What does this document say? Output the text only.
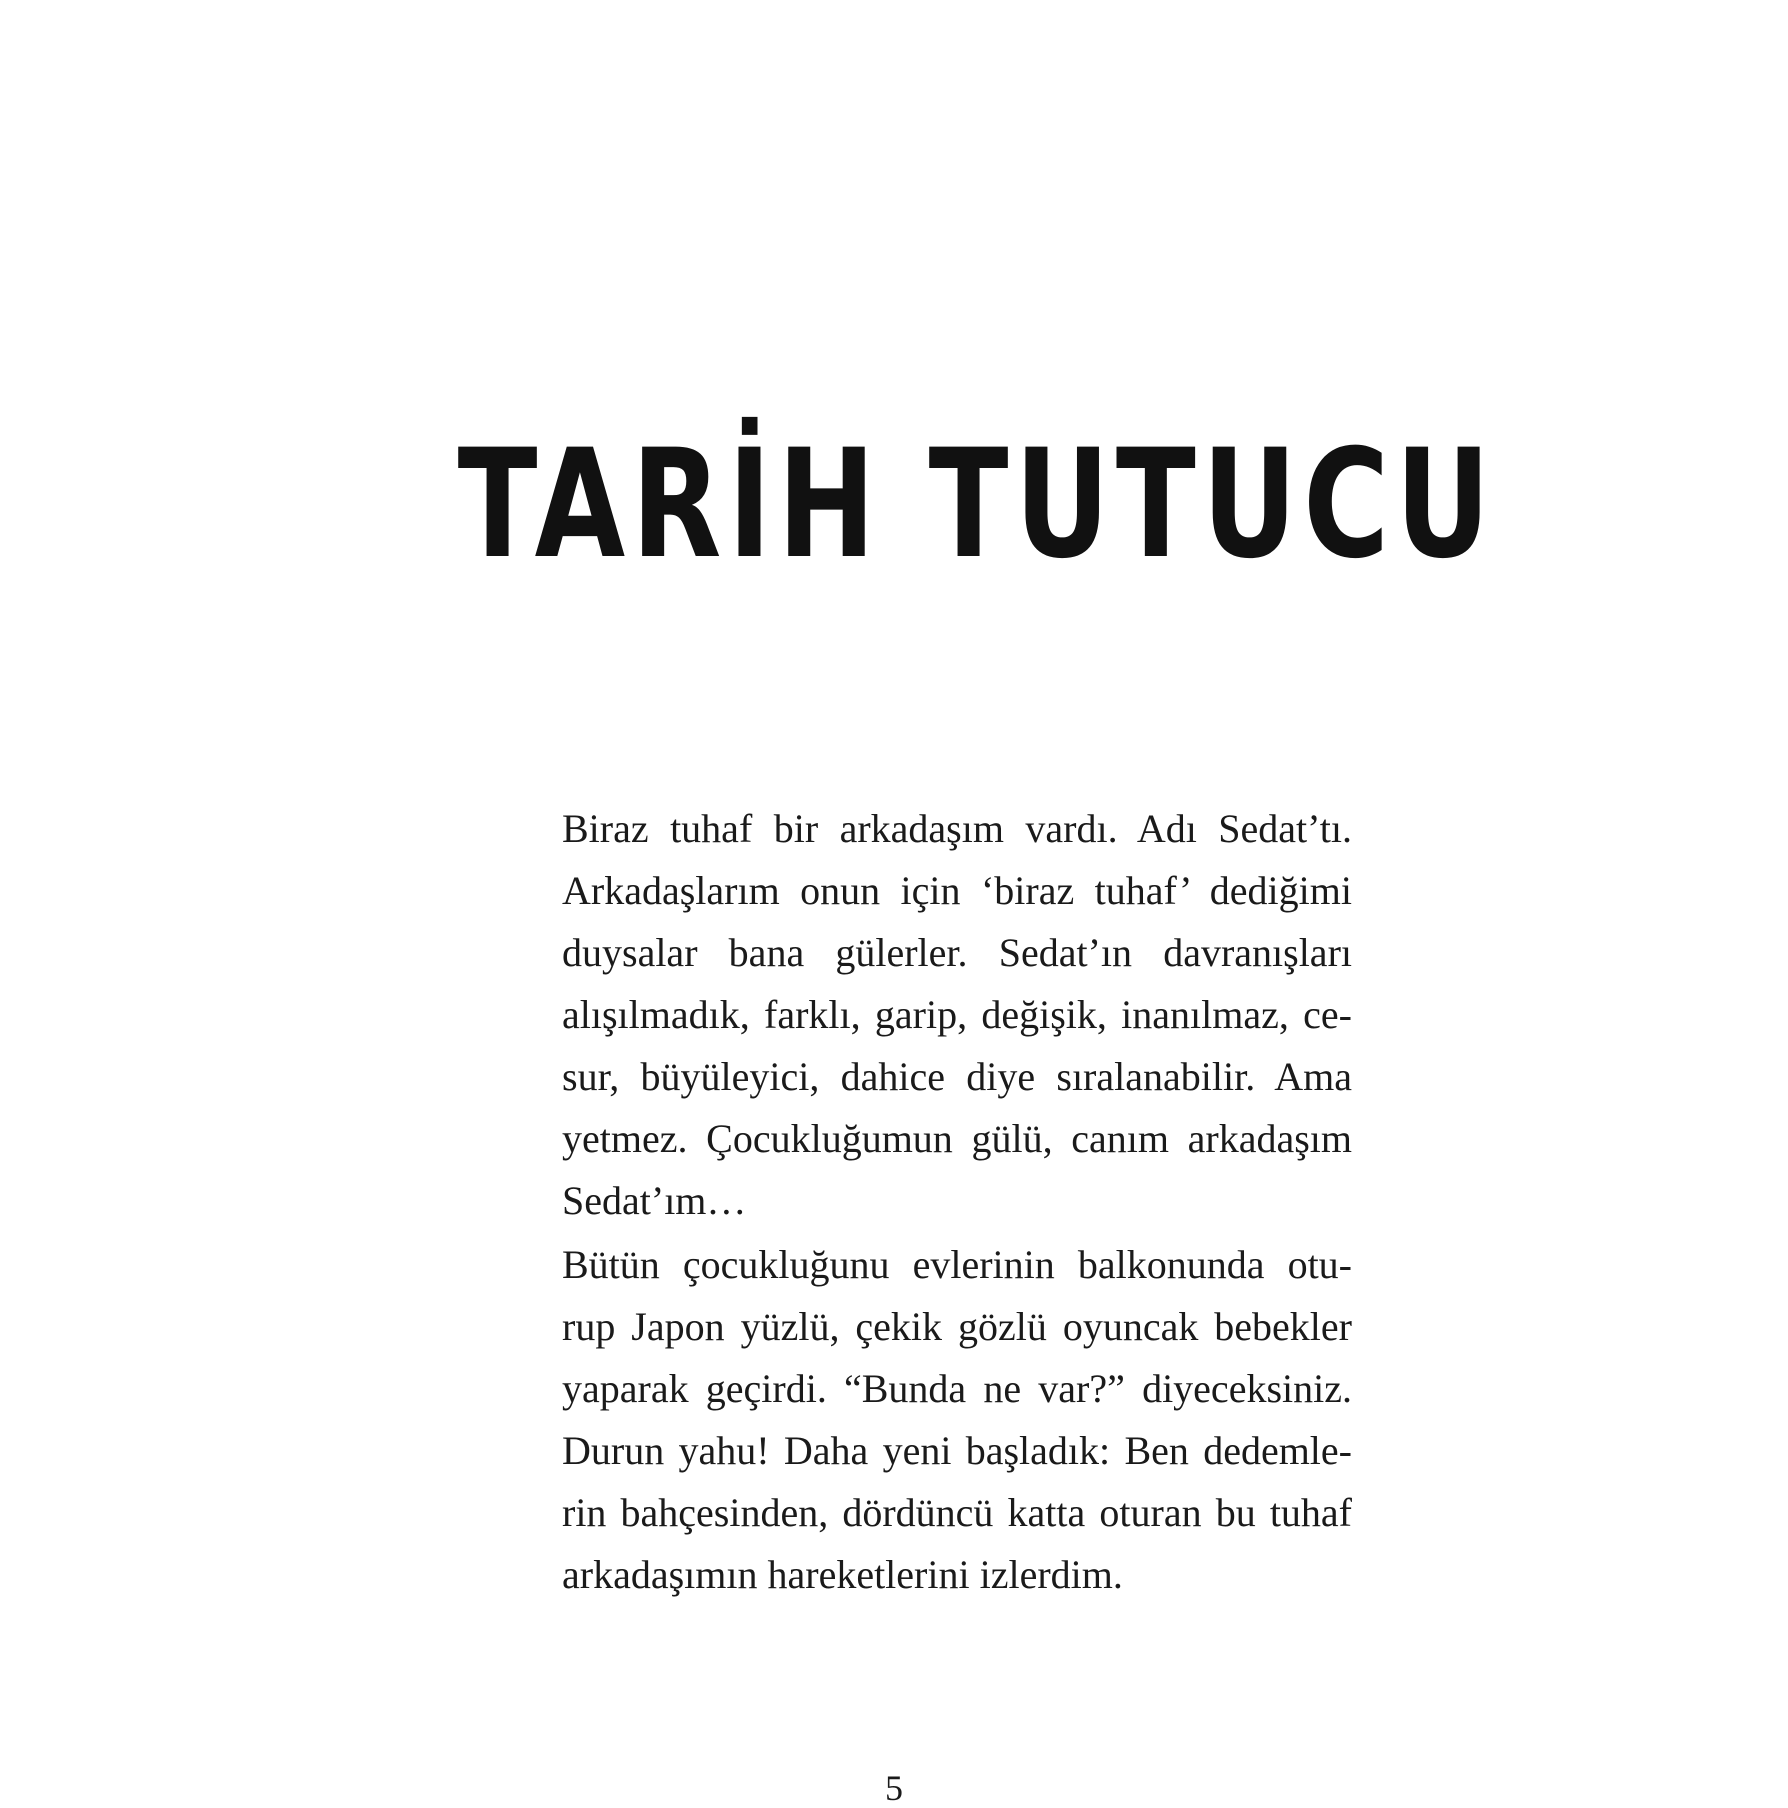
TARİH TUTUCU

Biraz tuhaf bir arkadaşım vardı. Adı Sedat’tı.
Arkadaşlarım onun için ‘biraz tuhaf’ dediğimi
duysalar bana gülerler. Sedat’ın davranışları
alışılmadık, farklı, garip, değişik, inanılmaz, ce-
sur, büyüleyici, dahice diye sıralanabilir. Ama
yetmez. Çocukluğumun gülü, canım arkadaşım
Sedat’ım…

Bütün çocukluğunu evlerinin balkonunda otu-
rup Japon yüzlü, çekik gözlü oyuncak bebekler
yaparak geçirdi. “Bunda ne var?” diyeceksiniz.
Durun yahu! Daha yeni başladık: Ben dedemle-
rin bahçesinden, dördüncü katta oturan bu tuhaf
arkadaşımın hareketlerini izlerdim.

5
